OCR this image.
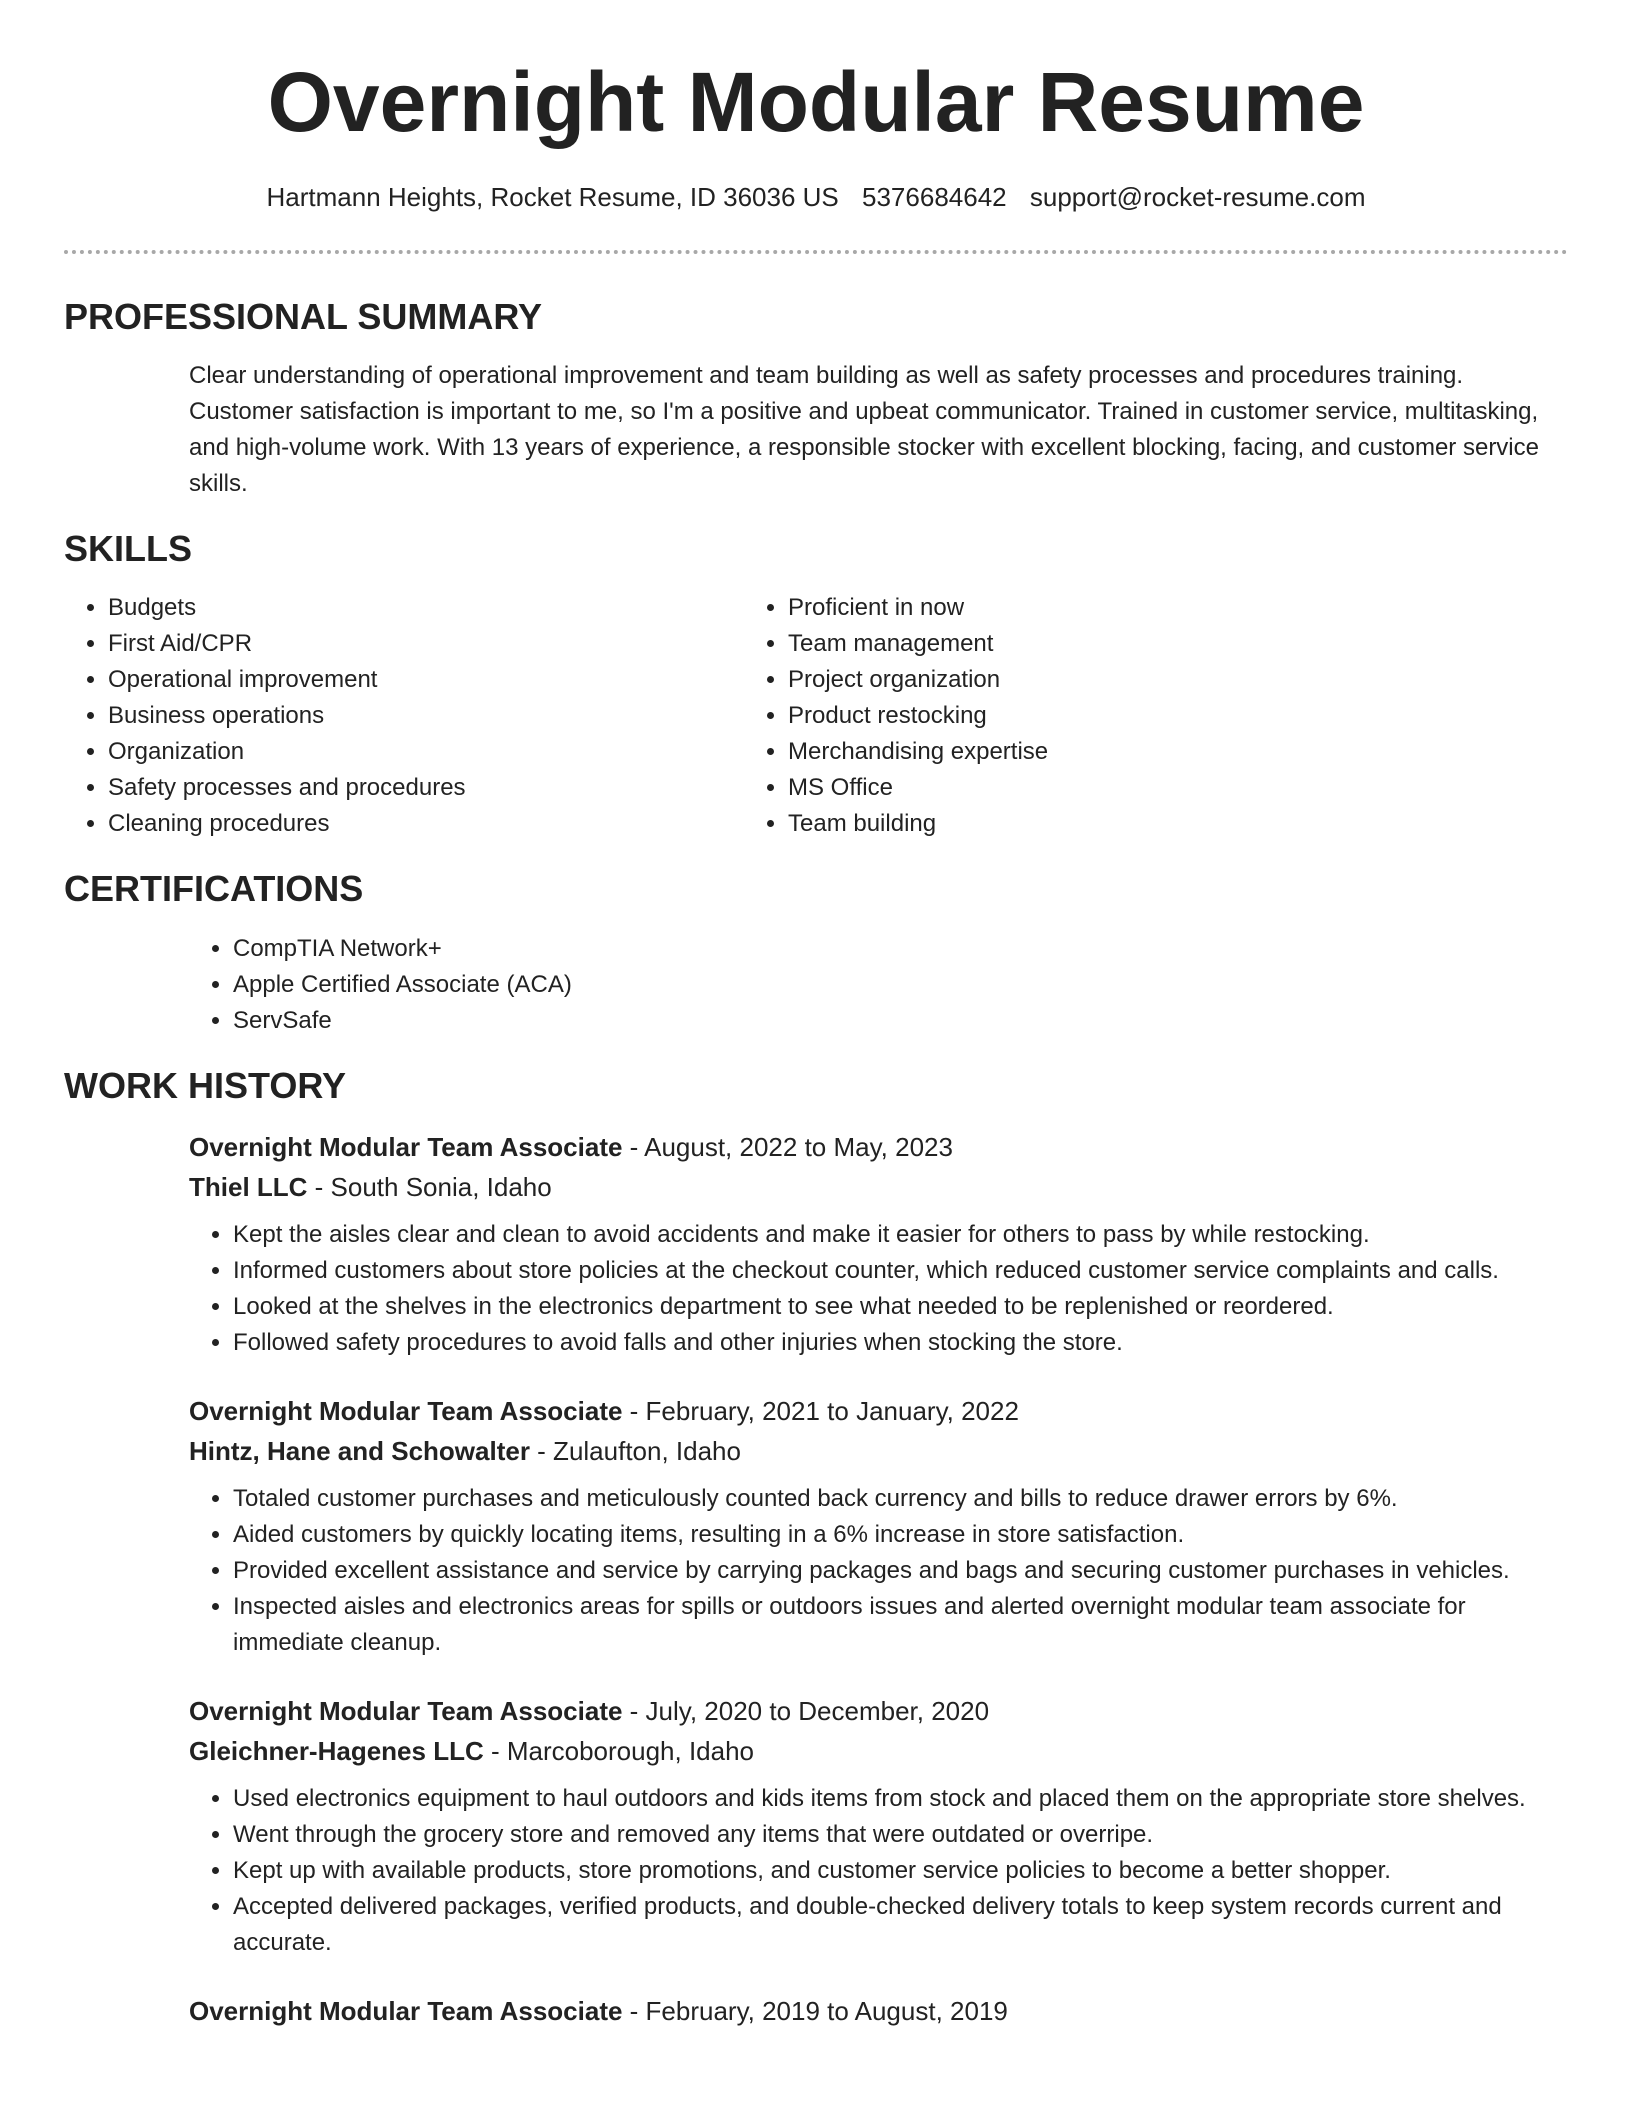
Overnight Modular Resume
Hartmann Heights, Rocket Resume, ID 36036 US 5376684642 support@rocket-resume.com
PROFESSIONAL SUMMARY

Clear understanding of operational improvement and team building as well as safety processes and procedures training. Customer satisfaction is important to me, so I'm a positive and upbeat communicator. Trained in customer service, multitasking, and high-volume work. With 13 years of experience, a responsible stocker with excellent blocking, facing, and customer service skills.

SKILLS
• Budgets
• First Aid/CPR
• Operational improvement
• Business operations
• Organization
• Safety processes and procedures
• Cleaning procedures
• Proficient in now
• Team management
• Project organization
• Product restocking
• Merchandising expertise
• MS Office
• Team building
CERTIFICATIONS
• CompTIA Network+
• Apple Certified Associate (ACA)
• ServSafe
WORK HISTORY
Overnight Modular Team Associate - August, 2022 to May, 2023
Thiel LLC - South Sonia, Idaho
• Kept the aisles clear and clean to avoid accidents and make it easier for others to pass by while restocking.
• Informed customers about store policies at the checkout counter, which reduced customer service complaints and calls.
• Looked at the shelves in the electronics department to see what needed to be replenished or reordered.
• Followed safety procedures to avoid falls and other injuries when stocking the store.
Overnight Modular Team Associate - February, 2021 to January, 2022
Hintz, Hane and Schowalter - Zulaufton, Idaho
• Totaled customer purchases and meticulously counted back currency and bills to reduce drawer errors by 6%.
• Aided customers by quickly locating items, resulting in a 6% increase in store satisfaction.
• Provided excellent assistance and service by carrying packages and bags and securing customer purchases in vehicles.
• Inspected aisles and electronics areas for spills or outdoors issues and alerted overnight modular team associate for immediate cleanup.
Overnight Modular Team Associate - July, 2020 to December, 2020
Gleichner-Hagenes LLC - Marcoborough, Idaho
• Used electronics equipment to haul outdoors and kids items from stock and placed them on the appropriate store shelves.
• Went through the grocery store and removed any items that were outdated or overripe.
• Kept up with available products, store promotions, and customer service policies to become a better shopper.
• Accepted delivered packages, verified products, and double-checked delivery totals to keep system records current and accurate.
Overnight Modular Team Associate - February, 2019 to August, 2019
